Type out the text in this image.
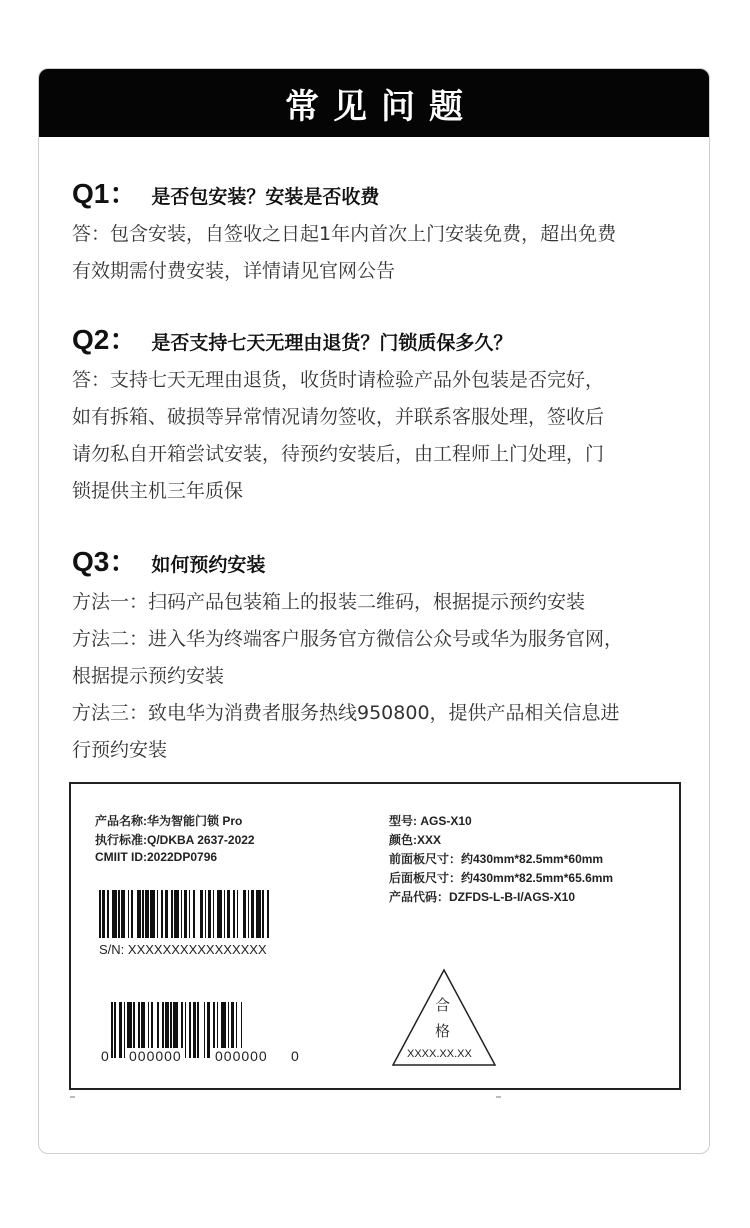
常见问题
Q1： 是否包安装？安装是否收费
答：包含安装，自签收之日起1年内首次上门安装免费，超出免费
有效期需付费安装，详情请见官网公告
Q2： 是否支持七天无理由退货？门锁质保多久？
答：支持七天无理由退货，收货时请检验产品外包装是否完好，
如有拆箱、破损等异常情况请勿签收，并联系客服处理，签收后
请勿私自开箱尝试安装，待预约安装后，由工程师上门处理，门
锁提供主机三年质保
Q3： 如何预约安装
方法一：扫码产品包装箱上的报装二维码，根据提示预约安装
方法二：进入华为终端客户服务官方微信公众号或华为服务官网，
根据提示预约安装
方法三：致电华为消费者服务热线950800，提供产品相关信息进
行预约安装
产品名称:华为智能门锁 Pro
执行标准:Q/DKBA 2637-2022
CMIIT ID:2022DP0796
型号: AGS-X10
颜色:XXX
前面板尺寸：约430mm*82.5mm*60mm
后面板尺寸：约430mm*82.5mm*65.6mm
产品代码：DZFDS-L-B-I/AGS-X10
S/N: XXXXXXXXXXXXXXXX
0 000000 000000 0
合
格
XXXX.XX.XX
